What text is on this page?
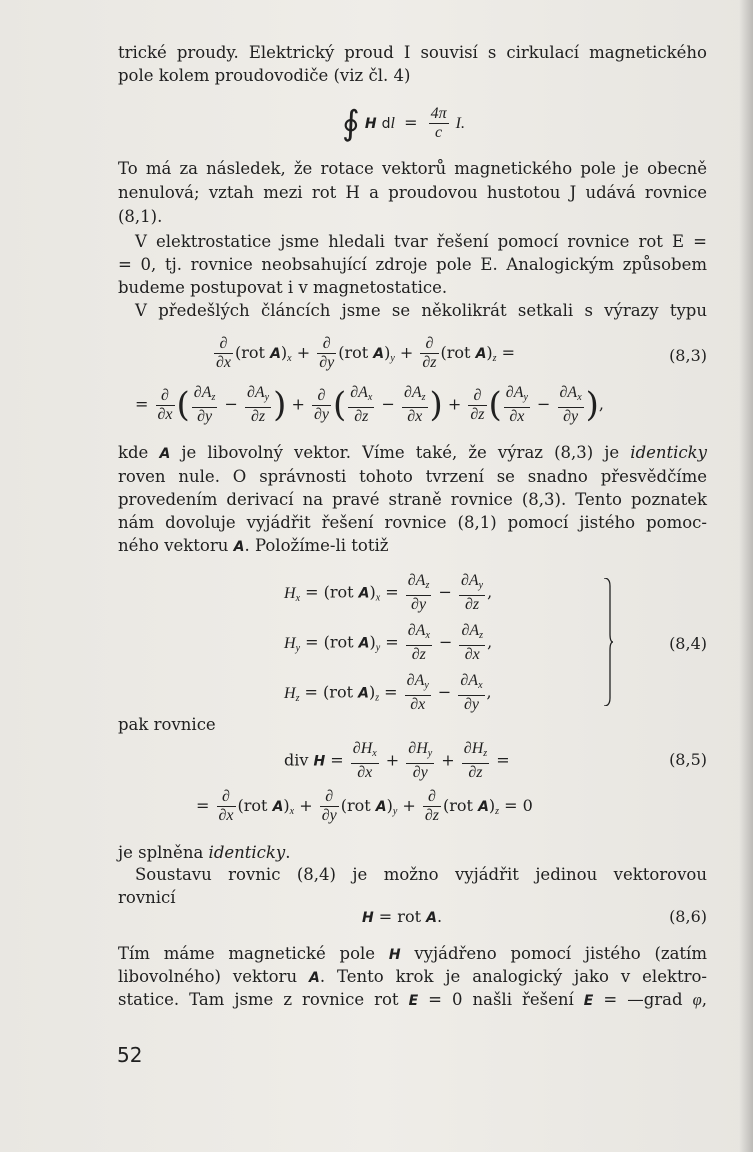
trické proudy. Elektrický proud I souvisí s cirkulací magnetického
pole kolem proudovodiče (viz čl. 4)
∮ H dl = $\frac{4\pi}{c} I$.
To má za následek, že rotace vektorů magnetického pole je obecně
nenulová; vztah mezi rot H a proudovou hustotou J udává rovnice
(8,1).
V elektrostatice jsme hledali tvar řešení pomocí rovnice rot E =
= 0, tj. rovnice neobsahující zdroje pole E. Analogickým způsobem
budeme postupovat i v magnetostatice.
V předešlých článcích jsme se několikrát setkali s výrazy typu
$\frac{\partial}{\partial x} (rot$ $A)_x + \frac{\partial}{\partial y} (rot$ $A)_y + \frac{\partial}{\partial z} (rot$ $A)_z$ =	(8,3)
= $\frac{\partial}{\partial x}$ ( $\frac{\partial A_z}{\partial y} - \frac{\partial A_y}{\partial z}$ ) + $\frac{\partial}{\partial y}$ ( $\frac{\partial A_x}{\partial z} - \frac{\partial A_z}{\partial x}$ ) + $\frac{\partial}{\partial z}$ ( $\frac{\partial A_y}{\partial x} - \frac{\partial A_x}{\partial y}$ ),
kde A je libovolný vektor. Víme také, že výraz (8,3) je identicky
roven nule. O správnosti tohoto tvrzení se snadno přesvědčíme
provedením derivací na pravé straně rovnice (8,3). Tento poznatek
nám dovoluje vyjádřit řešení rovnice (8,1) pomocí jistého pomoc-
ného vektoru A. Položíme-li totiž
$H_x = (rot$ $A)_x = \frac{\partial A_z}{\partial y} - \frac{\partial A_y}{\partial z}$ ,
$H_y = (rot$ $A)_y = \frac{\partial A_x}{\partial z} - \frac{\partial A_z}{\partial x}$ ,
$H_z = (rot$ $A)_z = \frac{\partial A_y}{\partial x} - \frac{\partial A_x}{\partial y}$ ,
(8,4)
pak rovnice
div $H = \frac{\partial H_x}{\partial x} + \frac{\partial H_y}{\partial y} + \frac{\partial H_z}{\partial z}$ =	(8,5)
= $\frac{\partial}{\partial x} (rot$ $A)_x + \frac{\partial}{\partial y} (rot$ $A)_y + \frac{\partial}{\partial z} (rot$ $A)_z = 0$
je splněna identicky.
Soustavu rovnic (8,4) je možno vyjádřit jedinou vektorovou
rovnicí
H = rot A.	(8,6)
Tím máme magnetické pole H vyjádřeno pomocí jistého (zatím
libovolného) vektoru A. Tento krok je analogický jako v elektro-
statice. Tam jsme z rovnice rot E = 0 našli řešení E = —grad φ,
52
